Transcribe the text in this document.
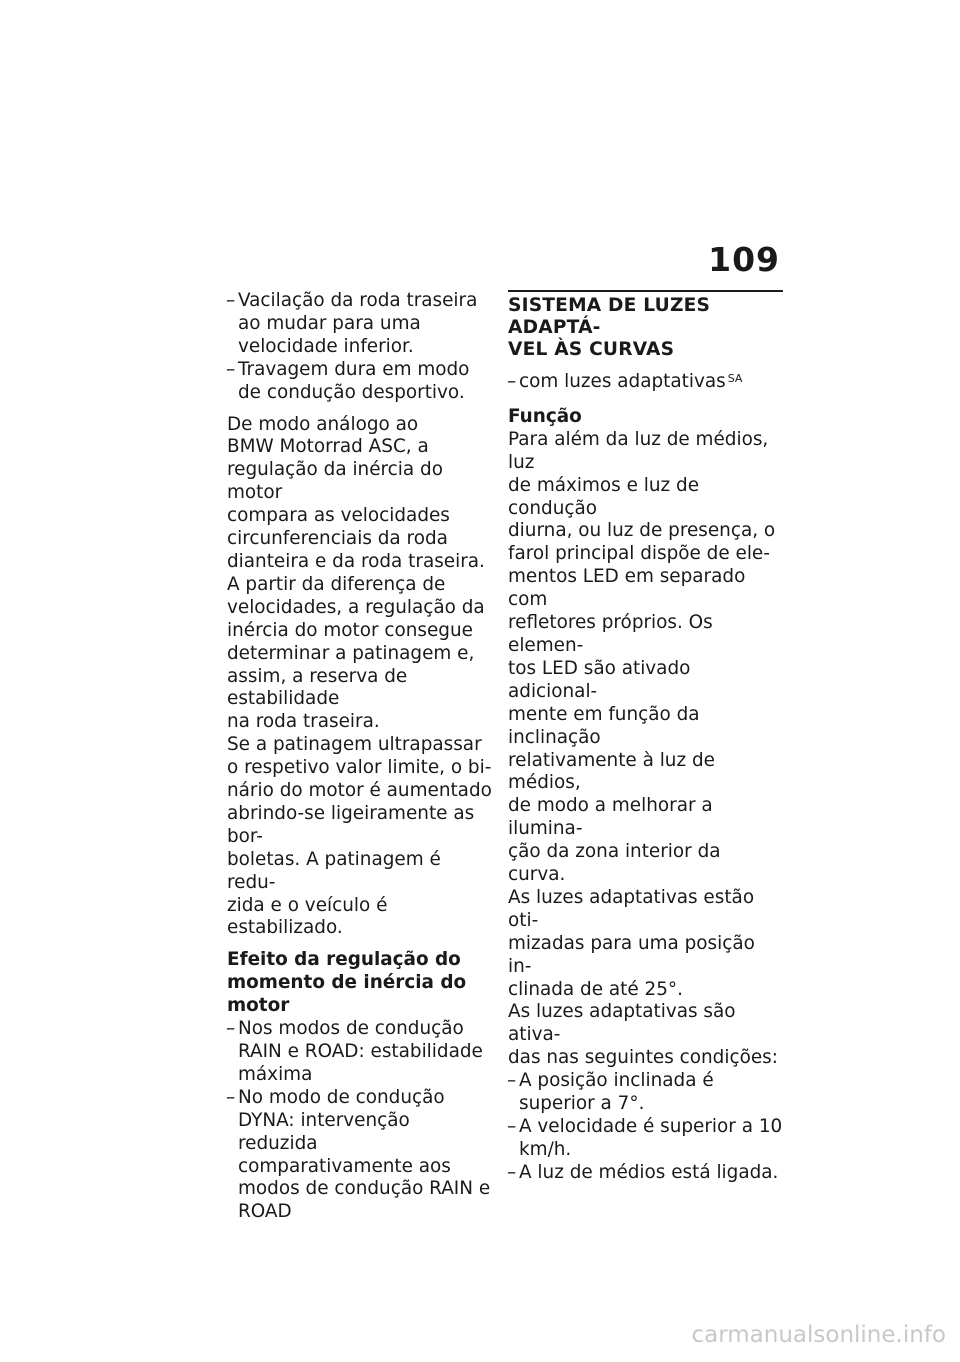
109
– Vacilação da roda traseira ao mudar para uma velocidade inferior.
– Travagem dura em modo de condução desportivo.
De modo análogo ao
BMW Motorrad ASC, a
regulação da inércia do motor
compara as velocidades
circunferenciais da roda
dianteira e da roda traseira.
A partir da diferença de
velocidades, a regulação da
inércia do motor consegue
determinar a patinagem e,
assim, a reserva de estabilidade
na roda traseira.
Se a patinagem ultrapassar
o respetivo valor limite, o bi-
nário do motor é aumentado
abrindo-se ligeiramente as bor-
boletas. A patinagem é redu-
zida e o veículo é estabilizado.
Efeito da regulação do
momento de inércia do motor
– Nos modos de condução RAIN e ROAD: estabilidade máxima
– No modo de condução DYNA: intervenção reduzida comparativamente aos modos de condução RAIN e ROAD
SISTEMA DE LUZES ADAPTÁ-
VEL ÀS CURVAS
– com luzes adaptativas $^{SA}$
Função
Para além da luz de médios, luz
de máximos e luz de condução
diurna, ou luz de presença, o
farol principal dispõe de ele-
mentos LED em separado com
refletores próprios. Os elemen-
tos LED são ativado adicional-
mente em função da inclinação
relativamente à luz de médios,
de modo a melhorar a ilumina-
ção da zona interior da curva.
As luzes adaptativas estão oti-
mizadas para uma posição in-
clinada de até 25°.
As luzes adaptativas são ativa-
das nas seguintes condições:
– A posição inclinada é superior a 7°.
– A velocidade é superior a 10 km/h.
– A luz de médios está ligada.
carmanualsonline.info
